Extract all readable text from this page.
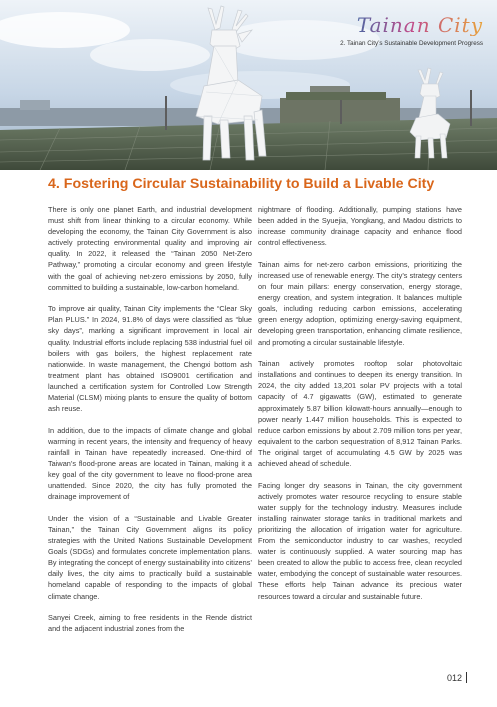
Tainan City
2. Tainan City’s Sustainable Development Progress
4. Fostering Circular Sustainability to Build a Livable City

There is only one planet Earth, and industrial development must shift from linear thinking to a circular economy. While developing the economy, the Tainan City Government is also actively protecting environmental quality and improving air quality. In 2022, it released the “Tainan 2050 Net-Zero Pathway,” promoting a circular economy and green lifestyle with the goal of achieving net-zero emissions by 2050, fully committed to building a sustainable, low-carbon homeland.

To improve air quality, Tainan City implements the “Clear Sky Plan PLUS.” In 2024, 91.8% of days were classified as “blue sky days”, marking a significant improvement in local air quality. Industrial efforts include replacing 538 industrial fuel oil boilers with gas boilers, the highest replacement rate nationwide. In waste management, the Chengxi bottom ash treatment plant has obtained ISO9001 certification and launched a certification system for Controlled Low Strength Material (CLSM) mixing plants to ensure the quality of bottom ash reuse.

In addition, due to the impacts of climate change and global warming in recent years, the intensity and frequency of heavy rainfall in Tainan have repeatedly increased. One-third of Taiwan’s flood-prone areas are located in Tainan, making it a key goal of the city government to leave no flood-prone area unattended. Since 2020, the city has fully promoted the drainage improvement of

Under the vision of a “Sustainable and Livable Greater Tainan,” the Tainan City Government aligns its policy strategies with the United Nations Sustainable Development Goals (SDGs) and formulates concrete implementation plans. By integrating the concept of energy sustainability into citizens’ daily lives, the city aims to practically build a sustainable homeland capable of responding to the impacts of global climate change.

Sanyei Creek, aiming to free residents in the Rende district and the adjacent industrial zones from the

nightmare of flooding. Additionally, pumping stations have been added in the Syuejia, Yongkang, and Madou districts to increase community drainage capacity and enhance flood control effectiveness.

Tainan aims for net-zero carbon emissions, prioritizing the increased use of renewable energy. The city’s strategy centers on four main pillars: energy conservation, energy storage, energy creation, and system integration. It balances multiple goals, including reducing carbon emissions, accelerating green energy adoption, optimizing energy-saving equipment, developing green transportation, enhancing climate resilience, and promoting a circular sustainable lifestyle.

Tainan actively promotes rooftop solar photovoltaic installations and continues to deepen its energy transition. In 2024, the city added 13,201 solar PV projects with a total capacity of 4.7 gigawatts (GW), estimated to generate approximately 5.87 billion kilowatt-hours annually—enough to power nearly 1.447 million households. This is expected to reduce carbon emissions by about 2.709 million tons per year, equivalent to the carbon sequestration of 8,912 Tainan Parks. The original target of accumulating 4.5 GW by 2025 was achieved ahead of schedule.

Facing longer dry seasons in Tainan, the city government actively promotes water resource recycling to ensure stable water supply for the technology industry. Measures include installing rainwater storage tanks in traditional markets and prioritizing the allocation of irrigation water for agriculture. From the semiconductor industry to car washes, recycled water is continuously supplied. A water sourcing map has been created to allow the public to access free, clean recycled water, embodying the concept of sustainable water resources. These efforts help Tainan advance its precious water resources toward a circular and sustainable future.

012
